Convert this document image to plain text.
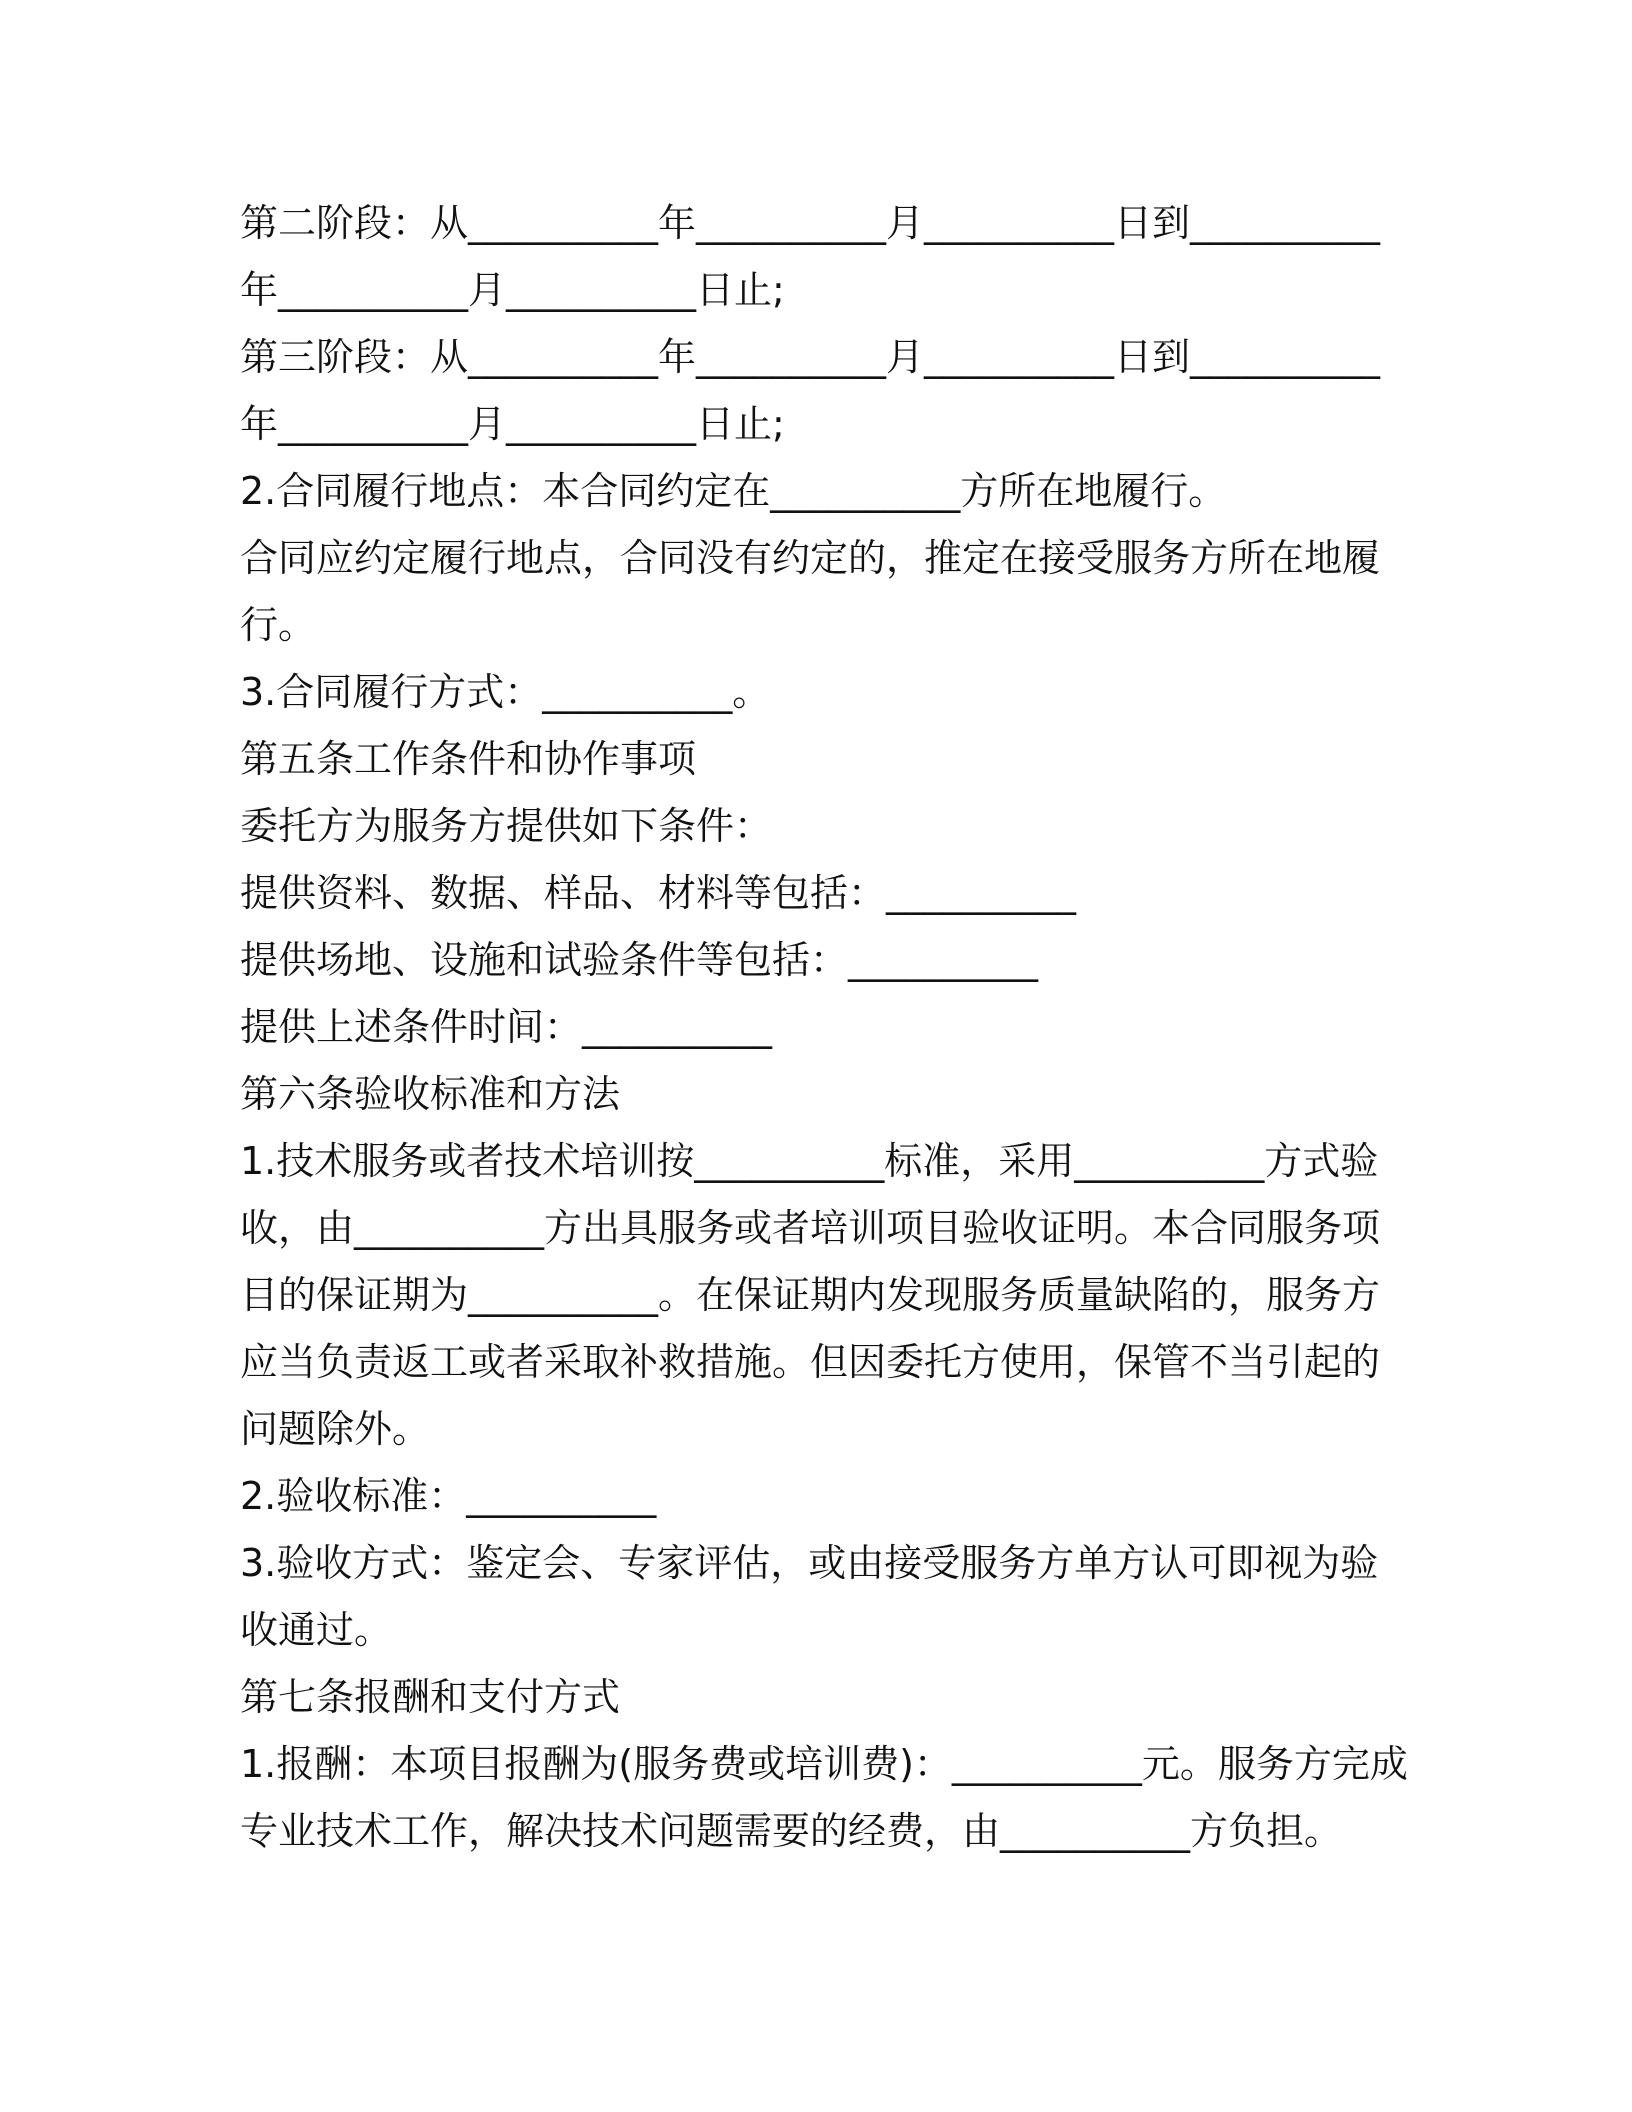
第二阶段：从__________年__________月__________日到__________
年__________月__________日止;
第三阶段：从__________年__________月__________日到__________
年__________月__________日止;
2.合同履行地点：本合同约定在__________方所在地履行。
合同应约定履行地点，合同没有约定的，推定在接受服务方所在地履
行。
3.合同履行方式：__________。
第五条工作条件和协作事项
委托方为服务方提供如下条件：
提供资料、数据、样品、材料等包括：__________
提供场地、设施和试验条件等包括：__________
提供上述条件时间：__________
第六条验收标准和方法
1.技术服务或者技术培训按__________标准，采用__________方式验
收，由__________方出具服务或者培训项目验收证明。本合同服务项
目的保证期为__________。在保证期内发现服务质量缺陷的，服务方
应当负责返工或者采取补救措施。但因委托方使用，保管不当引起的
问题除外。
2.验收标准：__________
3.验收方式：鉴定会、专家评估，或由接受服务方单方认可即视为验
收通过。
第七条报酬和支付方式
1.报酬：本项目报酬为(服务费或培训费)：__________元。服务方完成
专业技术工作，解决技术问题需要的经费，由__________方负担。
